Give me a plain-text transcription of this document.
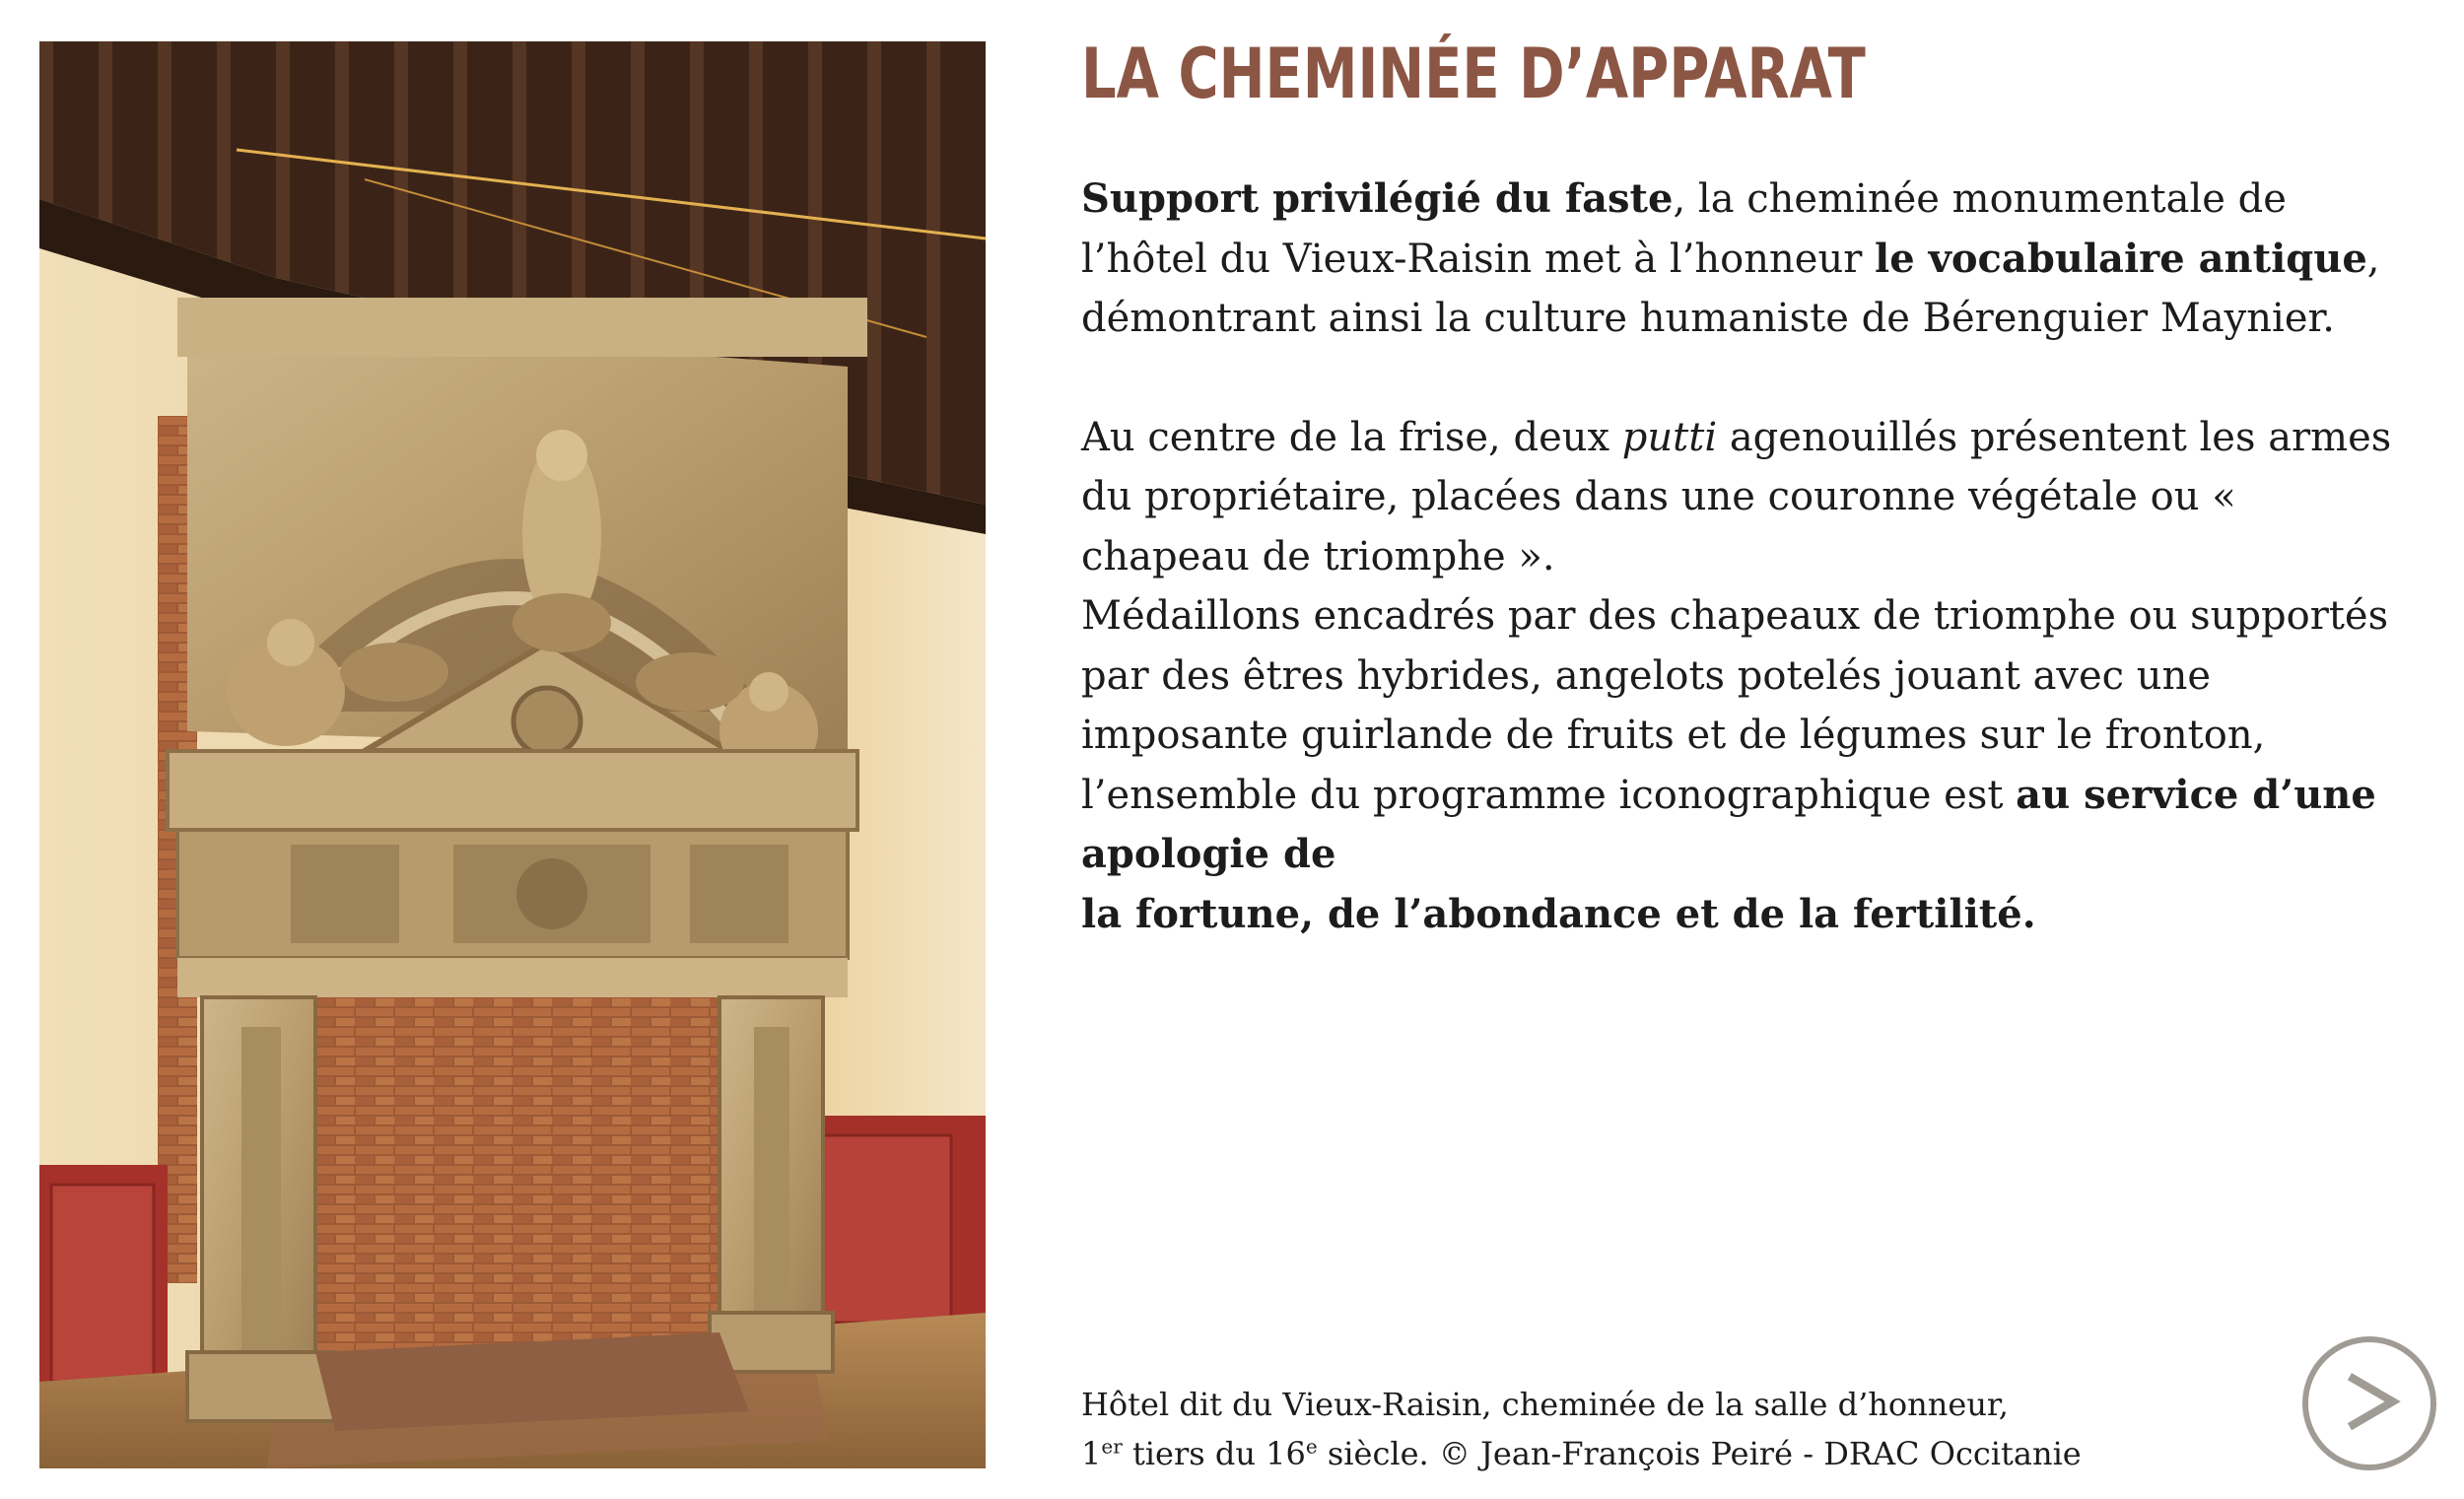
LA CHEMINÉE D’APPARAT

Support privilégié du faste, la cheminée monumentale de l’hôtel du Vieux-Raisin met à l’honneur le vocabulaire antique, démontrant ainsi la culture humaniste de Bérenguier Maynier.

Au centre de la frise, deux putti agenouillés présentent les armes du propriétaire, placées dans une couronne végétale ou « chapeau de triomphe ».

Médaillons encadrés par des chapeaux de triomphe ou supportés par des êtres hybrides, angelots potelés jouant avec une imposante guirlande de fruits et de légumes sur le fronton, l’ensemble du programme iconographique est au service d’une apologie de
la fortune, de l’abondance et de la fertilité.

Hôtel dit du Vieux-Raisin, cheminée de la salle d’honneur,

1er tiers du 16e siècle. © Jean-François Peiré - DRAC Occitanie
